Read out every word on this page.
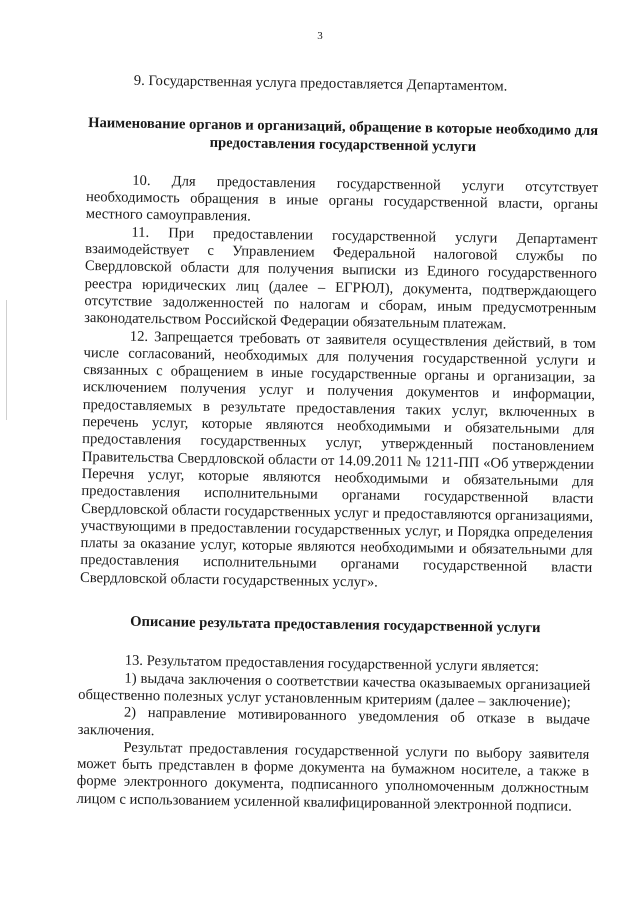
3

9. Государственная услуга предоставляется Департаментом.

Наименование органов и организаций, обращение в которые необходимо для предоставления государственной услуги

10. Для предоставления государственной услуги отсутствует необходимость обращения в иные органы государственной власти, органы местного самоуправления.

11. При предоставлении государственной услуги Департамент взаимодействует с Управлением Федеральной налоговой службы по Свердловской области для получения выписки из Единого государственного реестра юридических лиц (далее – ЕГРЮЛ), документа, подтверждающего отсутствие задолженностей по налогам и сборам, иным предусмотренным законодательством Российской Федерации обязательным платежам.

12. Запрещается требовать от заявителя осуществления действий, в том числе согласований, необходимых для получения государственной услуги и связанных с обращением в иные государственные органы и организации, за исключением получения услуг и получения документов и информации, предоставляемых в результате предоставления таких услуг, включенных в перечень услуг, которые являются необходимыми и обязательными для предоставления государственных услуг, утвержденный постановлением Правительства Свердловской области от 14.09.2011 № 1211-ПП «Об утверждении Перечня услуг, которые являются необходимыми и обязательными для предоставления исполнительными органами государственной власти Свердловской области государственных услуг и предоставляются организациями, участвующими в предоставлении государственных услуг, и Порядка определения платы за оказание услуг, которые являются необходимыми и обязательными для предоставления исполнительными органами государственной власти Свердловской области государственных услуг».

Описание результата предоставления государственной услуги

13. Результатом предоставления государственной услуги является:

1) выдача заключения о соответствии качества оказываемых организацией общественно полезных услуг установленным критериям (далее – заключение);

2) направление мотивированного уведомления об отказе в выдаче заключения.

Результат предоставления государственной услуги по выбору заявителя может быть представлен в форме документа на бумажном носителе, а также в форме электронного документа, подписанного уполномоченным должностным лицом с использованием усиленной квалифицированной электронной подписи.
